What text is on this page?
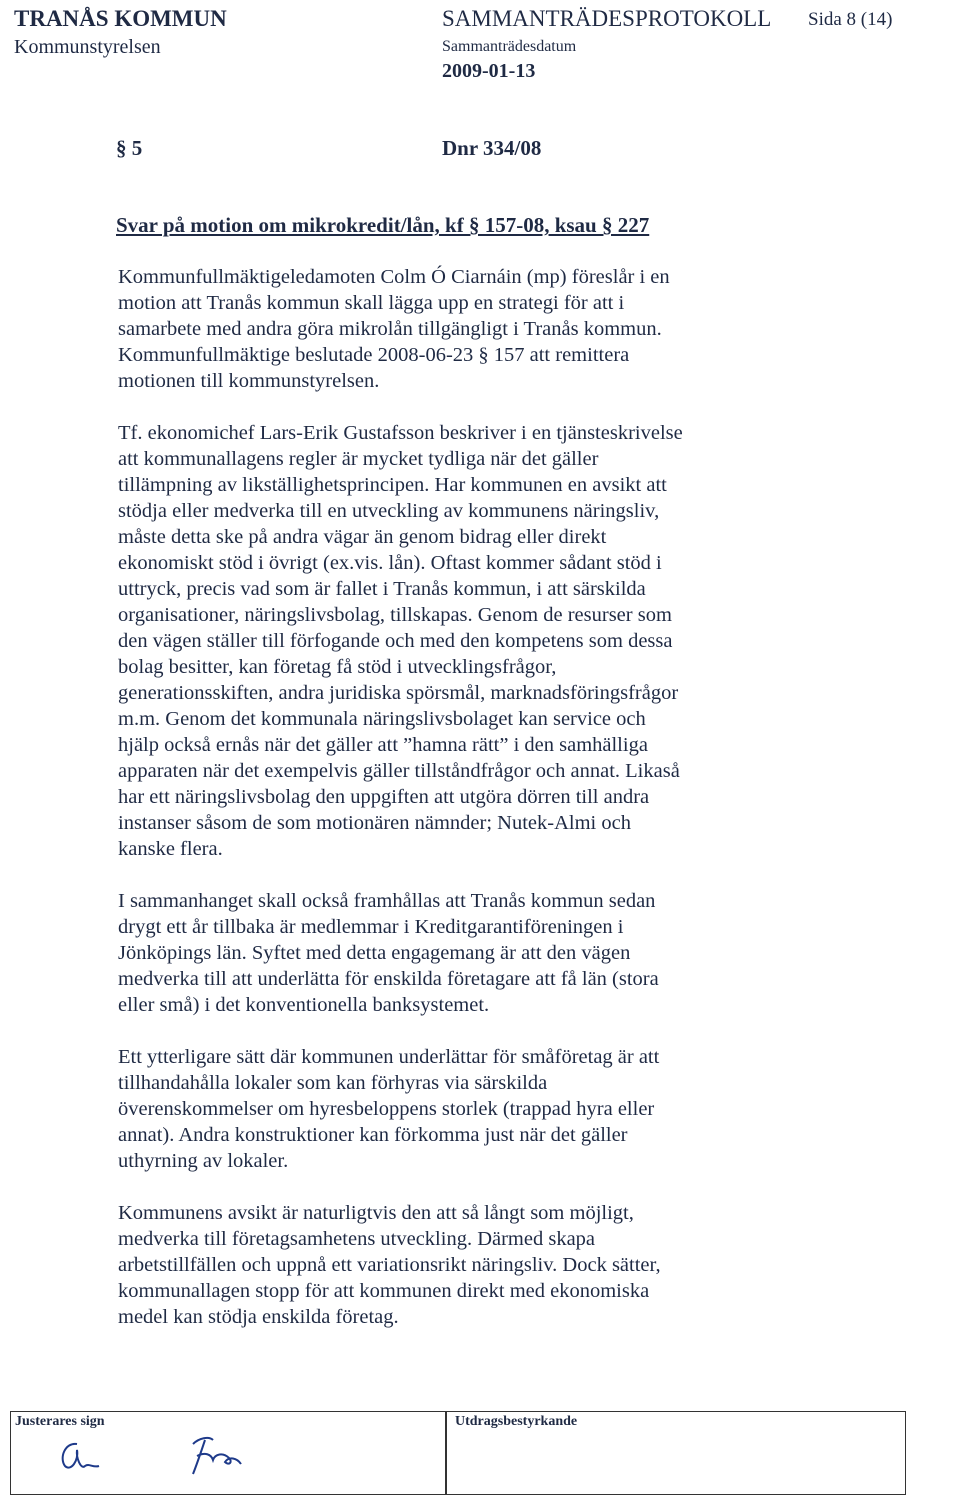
TRANÅS KOMMUN
Kommunstyrelsen
SAMMANTRÄDESPROTOKOLL Sida 8 (14)
Sammanträdesdatum
2009-01-13
§ 5	Dnr 334/08
Svar på motion om mikrokredit/lån, kf § 157-08, ksau § 227
Kommunfullmäktigeledamoten Colm Ó Ciarnáin (mp) föreslår i en
motion att Tranås kommun skall lägga upp en strategi för att i
samarbete med andra göra mikrolån tillgängligt i Tranås kommun.
Kommunfullmäktige beslutade 2008-06-23 § 157 att remittera
motionen till kommunstyrelsen.
Tf. ekonomichef Lars-Erik Gustafsson beskriver i en tjänsteskrivelse
att kommunallagens regler är mycket tydliga när det gäller
tillämpning av likställighetsprincipen. Har kommunen en avsikt att
stödja eller medverka till en utveckling av kommunens näringsliv,
måste detta ske på andra vägar än genom bidrag eller direkt
ekonomiskt stöd i övrigt (ex.vis. lån). Oftast kommer sådant stöd i
uttryck, precis vad som är fallet i Tranås kommun, i att särskilda
organisationer, näringslivsbolag, tillskapas. Genom de resurser som
den vägen ställer till förfogande och med den kompetens som dessa
bolag besitter, kan företag få stöd i utvecklingsfrågor,
generationsskiften, andra juridiska spörsmål, marknadsföringsfrågor
m.m. Genom det kommunala näringslivsbolaget kan service och
hjälp också ernås när det gäller att ”hamna rätt” i den samhälliga
apparaten när det exempelvis gäller tillståndfrågor och annat. Likaså
har ett näringslivsbolag den uppgiften att utgöra dörren till andra
instanser såsom de som motionären nämnder; Nutek-Almi och
kanske flera.
I sammanhanget skall också framhållas att Tranås kommun sedan
drygt ett år tillbaka är medlemmar i Kreditgarantiföreningen i
Jönköpings län. Syftet med detta engagemang är att den vägen
medverka till att underlätta för enskilda företagare att få län (stora
eller små) i det konventionella banksystemet.
Ett ytterligare sätt där kommunen underlättar för småföretag är att
tillhandahålla lokaler som kan förhyras via särskilda
överenskommelser om hyresbeloppens storlek (trappad hyra eller
annat). Andra konstruktioner kan förkomma just när det gäller
uthyrning av lokaler.
Kommunens avsikt är naturligtvis den att så långt som möjligt,
medverka till företagsamhetens utveckling. Därmed skapa
arbetstillfällen och uppnå ett variationsrikt näringsliv. Dock sätter,
kommunallagen stopp för att kommunen direkt med ekonomiska
medel kan stödja enskilda företag.
Justerares sign	Utdragsbestyrkande
